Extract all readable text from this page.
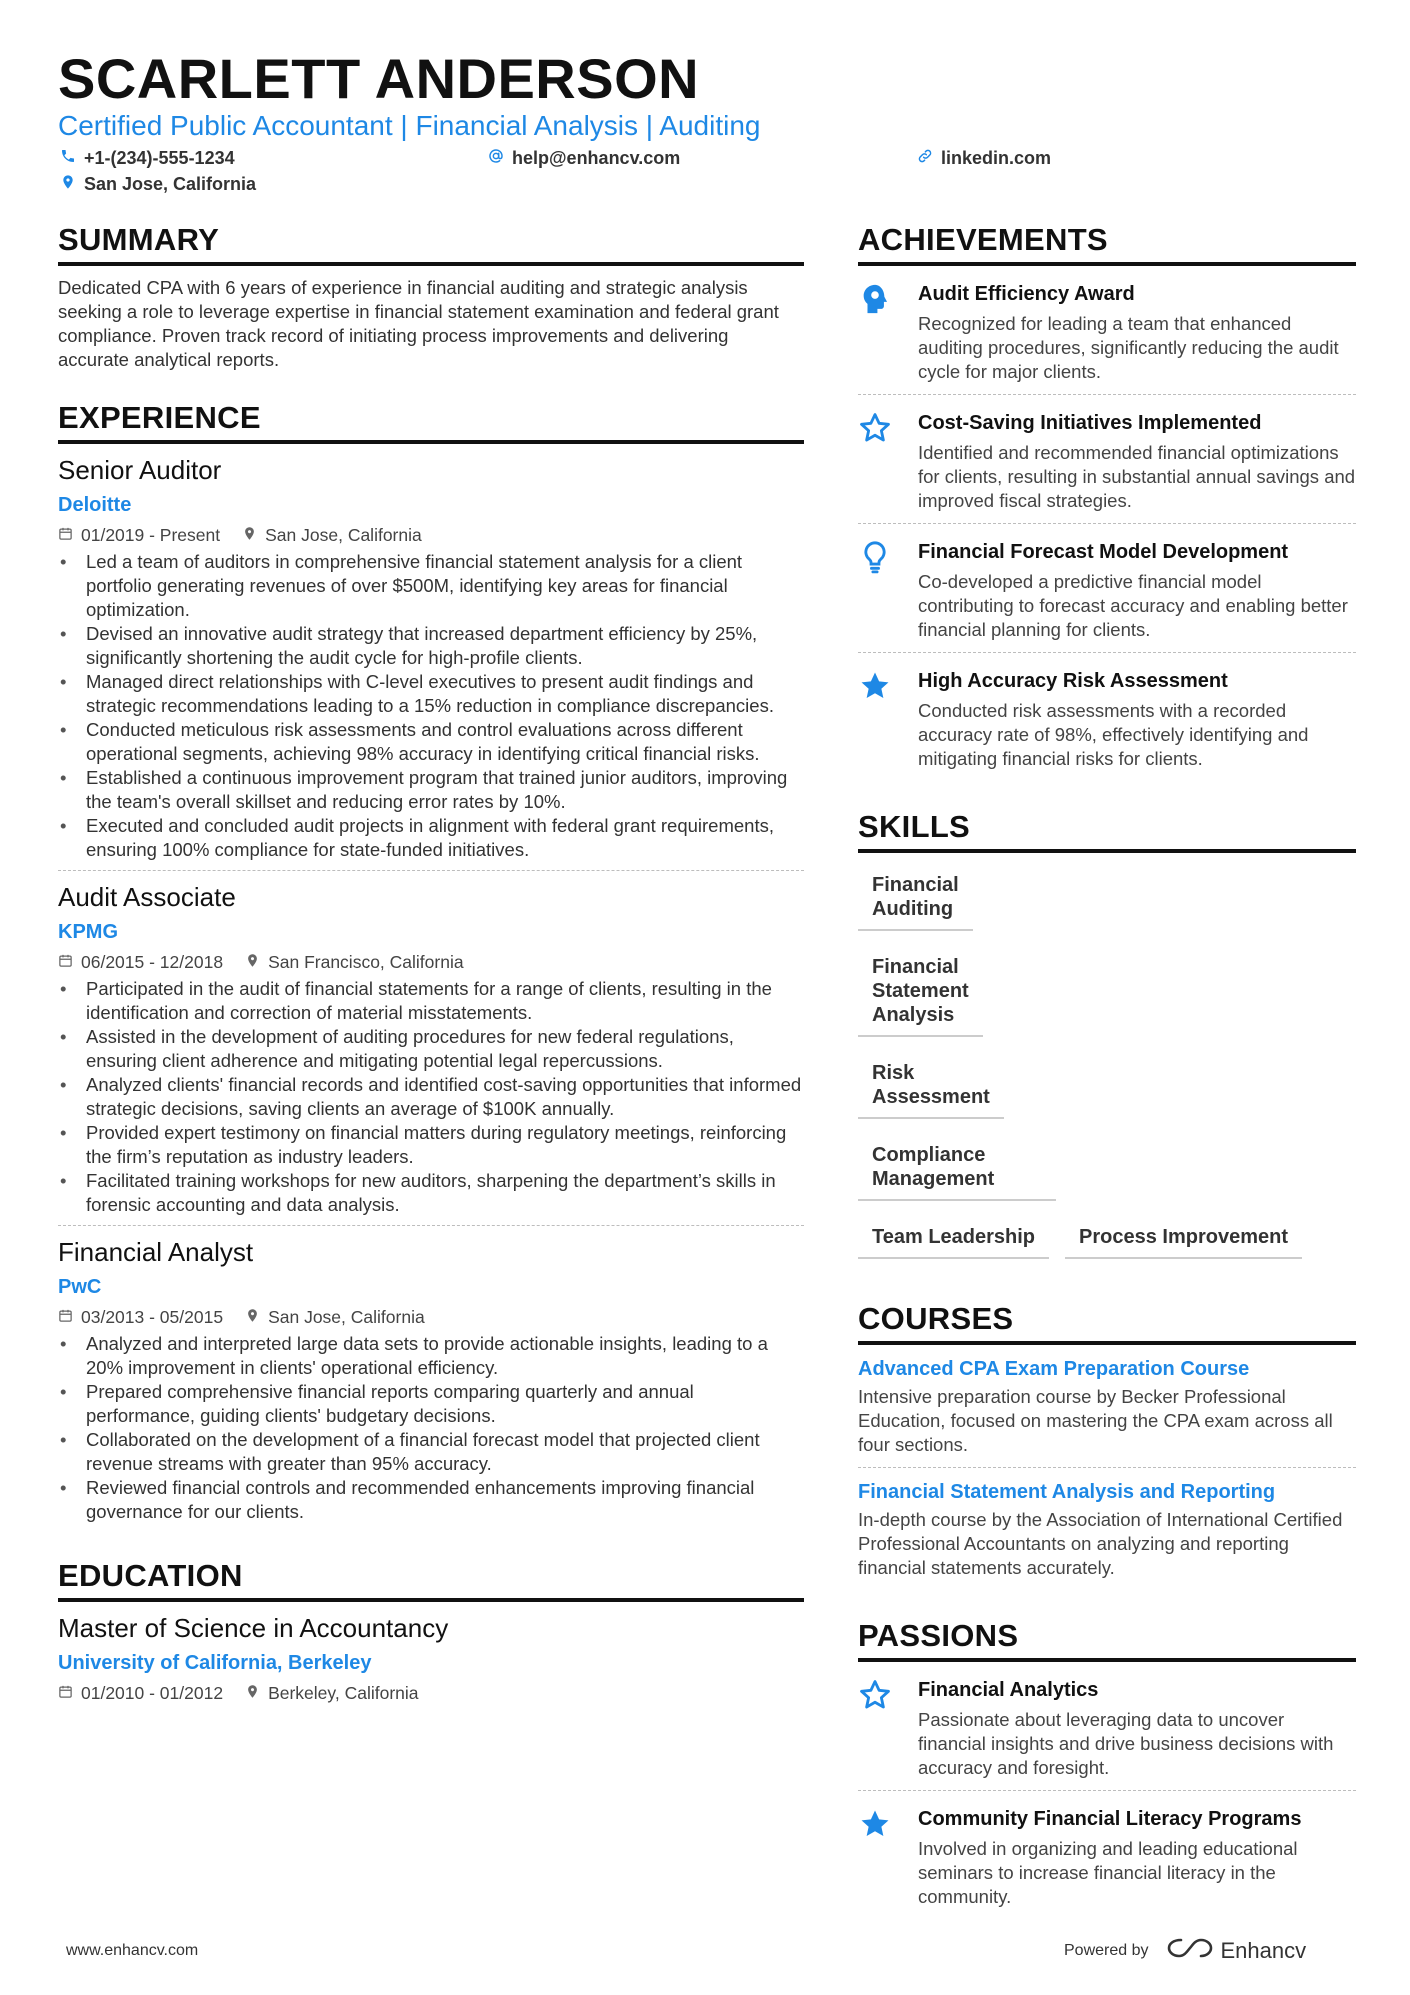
SCARLETT ANDERSON
Certified Public Accountant | Financial Analysis | Auditing
+1-(234)-555-1234	help@enhancv.com	linkedin.com
San Jose, California
SUMMARY
Dedicated CPA with 6 years of experience in financial auditing and strategic analysis seeking a role to leverage expertise in financial statement examination and federal grant compliance. Proven track record of initiating process improvements and delivering accurate analytical reports.
EXPERIENCE
Senior Auditor
Deloitte
01/2019 - Present	San Jose, California
• Led a team of auditors in comprehensive financial statement analysis for a client portfolio generating revenues of over $500M, identifying key areas for financial optimization.
• Devised an innovative audit strategy that increased department efficiency by 25%, significantly shortening the audit cycle for high-profile clients.
• Managed direct relationships with C-level executives to present audit findings and strategic recommendations leading to a 15% reduction in compliance discrepancies.
• Conducted meticulous risk assessments and control evaluations across different operational segments, achieving 98% accuracy in identifying critical financial risks.
• Established a continuous improvement program that trained junior auditors, improving the team's overall skillset and reducing error rates by 10%.
• Executed and concluded audit projects in alignment with federal grant requirements, ensuring 100% compliance for state-funded initiatives.
Audit Associate
KPMG
06/2015 - 12/2018	San Francisco, California
• Participated in the audit of financial statements for a range of clients, resulting in the identification and correction of material misstatements.
• Assisted in the development of auditing procedures for new federal regulations, ensuring client adherence and mitigating potential legal repercussions.
• Analyzed clients' financial records and identified cost-saving opportunities that informed strategic decisions, saving clients an average of $100K annually.
• Provided expert testimony on financial matters during regulatory meetings, reinforcing the firm’s reputation as industry leaders.
• Facilitated training workshops for new auditors, sharpening the department’s skills in forensic accounting and data analysis.
Financial Analyst
PwC
03/2013 - 05/2015	San Jose, California
• Analyzed and interpreted large data sets to provide actionable insights, leading to a 20% improvement in clients' operational efficiency.
• Prepared comprehensive financial reports comparing quarterly and annual performance, guiding clients' budgetary decisions.
• Collaborated on the development of a financial forecast model that projected client revenue streams with greater than 95% accuracy.
• Reviewed financial controls and recommended enhancements improving financial governance for our clients.
EDUCATION
Master of Science in Accountancy
University of California, Berkeley
01/2010 - 01/2012	Berkeley, California
ACHIEVEMENTS
Audit Efficiency Award
Recognized for leading a team that enhanced auditing procedures, significantly reducing the audit cycle for major clients.
Cost-Saving Initiatives Implemented
Identified and recommended financial optimizations for clients, resulting in substantial annual savings and improved fiscal strategies.
Financial Forecast Model Development
Co-developed a predictive financial model contributing to forecast accuracy and enabling better financial planning for clients.
High Accuracy Risk Assessment
Conducted risk assessments with a recorded accuracy rate of 98%, effectively identifying and mitigating financial risks for clients.
SKILLS
Financial Auditing
Financial Statement Analysis
Risk Assessment
Compliance Management
Team Leadership	Process Improvement
COURSES
Advanced CPA Exam Preparation Course
Intensive preparation course by Becker Professional Education, focused on mastering the CPA exam across all four sections.
Financial Statement Analysis and Reporting
In-depth course by the Association of International Certified Professional Accountants on analyzing and reporting financial statements accurately.
PASSIONS
Financial Analytics
Passionate about leveraging data to uncover financial insights and drive business decisions with accuracy and foresight.
Community Financial Literacy Programs
Involved in organizing and leading educational seminars to increase financial literacy in the community.
www.enhancv.com	Powered by	Enhancv
